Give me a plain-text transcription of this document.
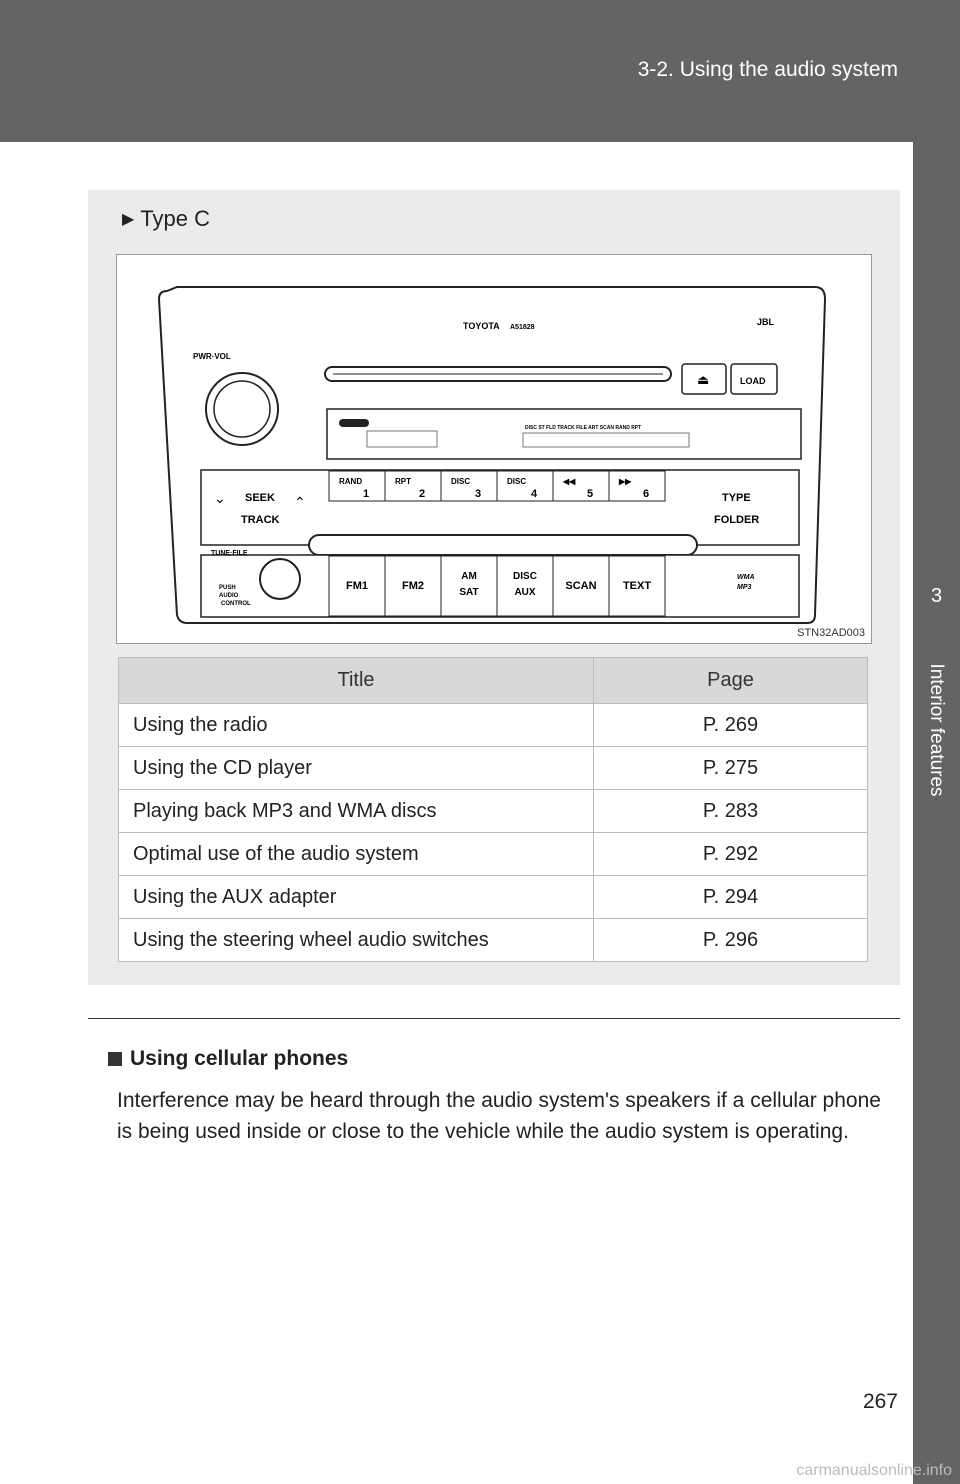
3-2. Using the audio system
3
Interior features
▶ Type C
TOYOTA A51828
JBL
⏏	LOAD
PWR·VOL
DISC ST FLD TRACK FILE ART SCAN RAND RPT
SEEK
TRACK
⌄	⌃
RAND
1
RPT
2
DISC
3
DISC
4
◀◀
5
▶▶
6	TYPE
FOLDER
TUNE·FILE
PUSH
AUDIO
CONTROL
FM1	FM2
AM
SAT
DISC
AUX
SCAN TEXT
WMA
MP3
STN32AD003
Title	Page
Using the radio	P. 269
Using the CD player	P. 275
Playing back MP3 and WMA discs	P. 283
Optimal use of the audio system	P. 292
Using the AUX adapter	P. 294
Using the steering wheel audio switches	P. 296
Using cellular phones
Interference may be heard through the audio system's speakers if a cellular phone is being used inside or close to the vehicle while the audio system is operating.
267
carmanualsonline.info
